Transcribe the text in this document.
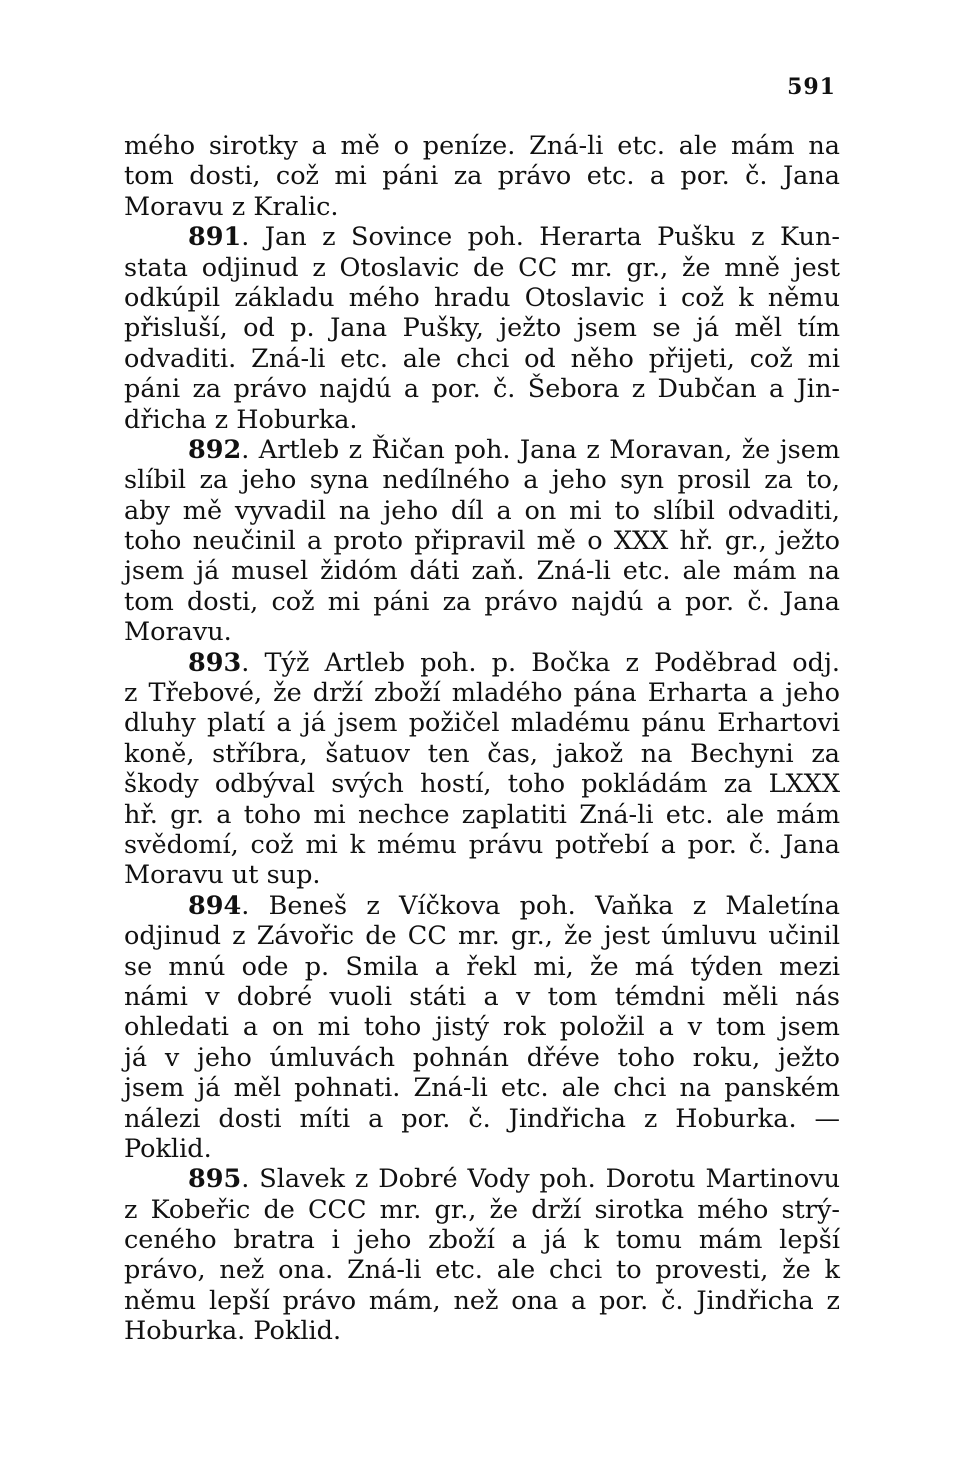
591
mého sirotky a mě o peníze. Zná-li etc. ale mám na
tom dosti, což mi páni za právo etc. a por. č. Jana
Moravu z Kralic.
891. Jan z Sovince poh. Herarta Pušku z Kun-
stata odjinud z Otoslavic de CC mr. gr., že mně jest
odkúpil základu mého hradu Otoslavic i což k němu
přisluší, od p. Jana Pušky, ježto jsem se já měl tím
odvaditi. Zná-li etc. ale chci od něho přijeti, což mi
páni za právo najdú a por. č. Šebora z Dubčan a Jin-
dřicha z Hoburka.
892. Artleb z Řičan poh. Jana z Moravan, že jsem
slíbil za jeho syna nedílného a jeho syn prosil za to,
aby mě vyvadil na jeho díl a on mi to slíbil odvaditi,
toho neučinil a proto připravil mě o XXX hř. gr., ježto
jsem já musel židóm dáti zaň. Zná-li etc. ale mám na
tom dosti, což mi páni za právo najdú a por. č. Jana
Moravu.
893. Týž Artleb poh. p. Bočka z Poděbrad odj.
z Třebové, že drží zboží mladého pána Erharta a jeho
dluhy platí a já jsem požičel mladému pánu Erhartovi
koně, stříbra, šatuov ten čas, jakož na Bechyni za
škody odbýval svých hostí, toho pokládám za LXXX
hř. gr. a toho mi nechce zaplatiti Zná-li etc. ale mám
svědomí, což mi k mému právu potřebí a por. č. Jana
Moravu ut sup.
894. Beneš z Víčkova poh. Vaňka z Maletína
odjinud z Závořic de CC mr. gr., že jest úmluvu učinil
se mnú ode p. Smila a řekl mi, že má týden mezi
námi v dobré vuoli státi a v tom témdni měli nás
ohledati a on mi toho jistý rok položil a v tom jsem
já v jeho úmluvách pohnán dřéve toho roku, ježto
jsem já měl pohnati. Zná-li etc. ale chci na panském
nálezi dosti míti a por. č. Jindřicha z Hoburka. —
Poklid.
895. Slavek z Dobré Vody poh. Dorotu Martinovu
z Kobeřic de CCC mr. gr., že drží sirotka mého strý-
ceného bratra i jeho zboží a já k tomu mám lepší
právo, než ona. Zná-li etc. ale chci to provesti, že k
němu lepší právo mám, než ona a por. č. Jindřicha z
Hoburka. Poklid.
